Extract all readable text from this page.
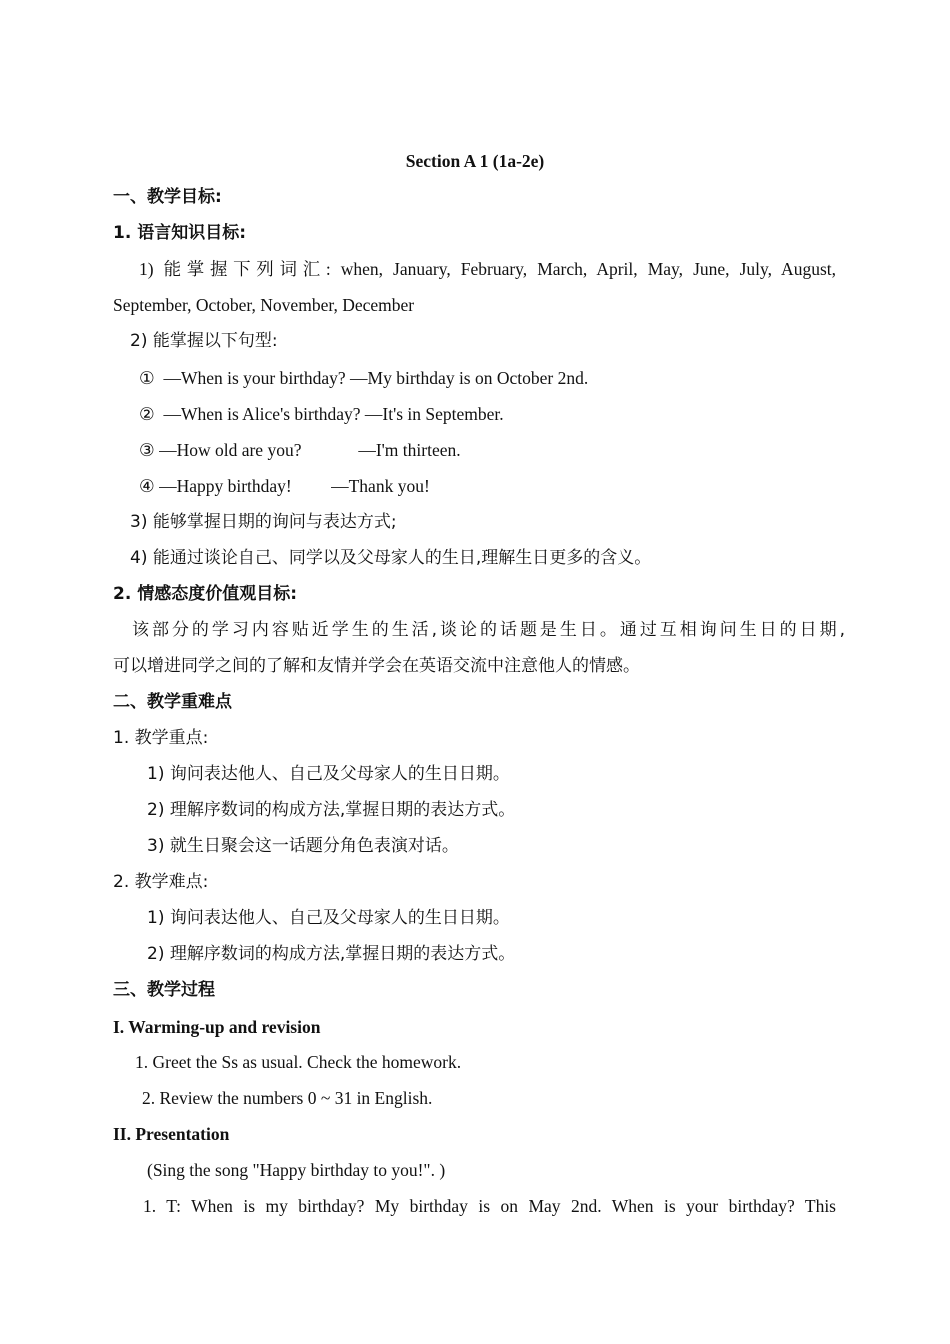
Section A 1 (1a-2e)
一、教学目标:
1. 语言知识目标:
1) 能掌握下列词汇: when, January, February, March, April, May, June, July, August,
September, October, November, December
2) 能掌握以下句型:
①  —When is your birthday? —My birthday is on October 2nd.
②  —When is Alice's birthday? —It's in September.
③ —How old are you?             —I'm thirteen.
④ —Happy birthday!         —Thank you!
3) 能够掌握日期的询问与表达方式;
4) 能通过谈论自己、同学以及父母家人的生日,理解生日更多的含义。
2. 情感态度价值观目标:
该部分的学习内容贴近学生的生活,谈论的话题是生日。通过互相询问生日的日期,
可以增进同学之间的了解和友情并学会在英语交流中注意他人的情感。
二、教学重难点
1. 教学重点:
1) 询问表达他人、自己及父母家人的生日日期。
2) 理解序数词的构成方法,掌握日期的表达方式。
3) 就生日聚会这一话题分角色表演对话。
2. 教学难点:
1) 询问表达他人、自己及父母家人的生日日期。
2) 理解序数词的构成方法,掌握日期的表达方式。
三、教学过程
I. Warming-up and revision
1. Greet the Ss as usual. Check the homework.
2. Review the numbers 0 ~ 31 in English.
II. Presentation
(Sing the song "Happy birthday to you!". )
1. T: When is my birthday? My birthday is on May 2nd. When is your birthday? This
